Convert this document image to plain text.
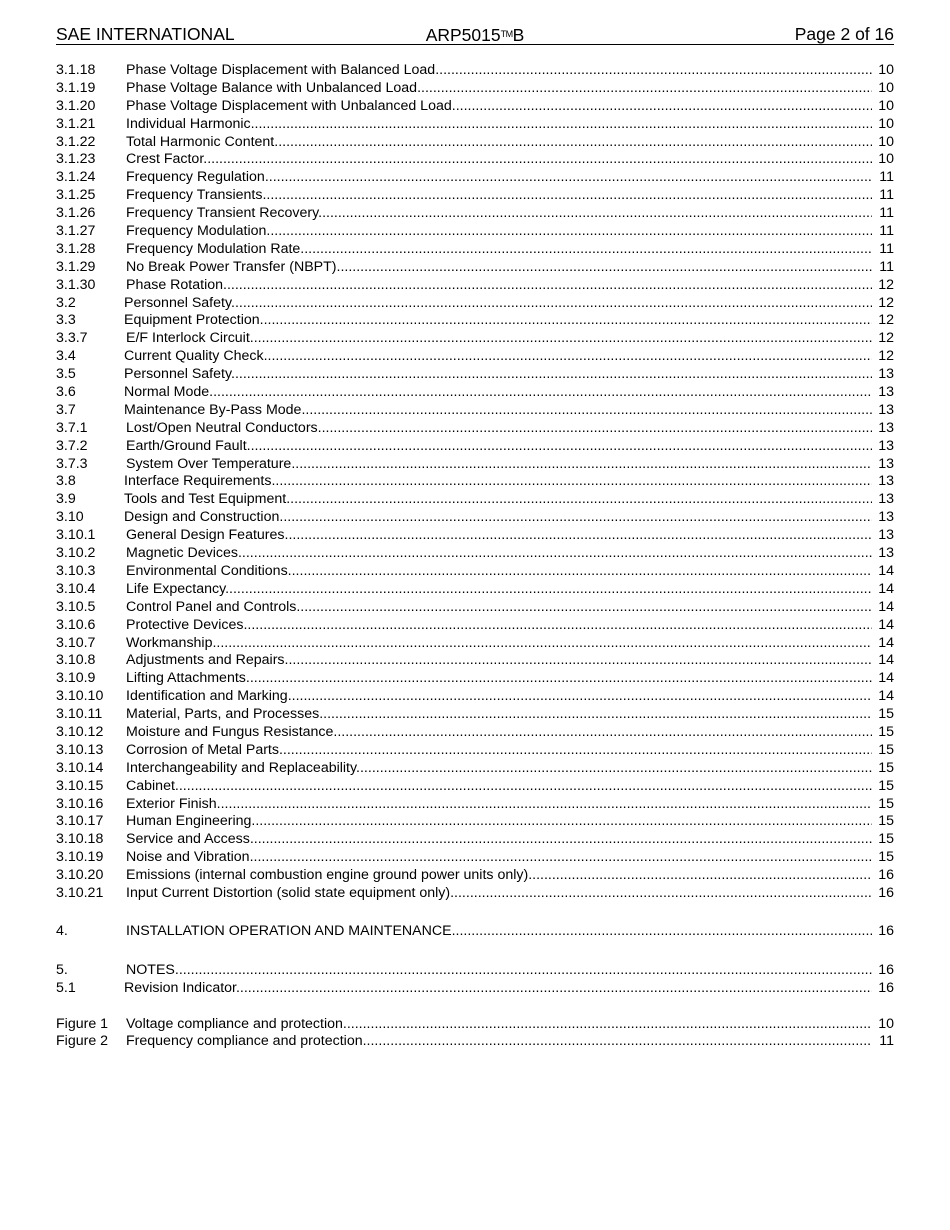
SAE INTERNATIONAL	ARP5015™B	Page 2 of 16
3.1.18 Phase Voltage Displacement with Balanced Load .....	10
3.1.19 Phase Voltage Balance with Unbalanced Load .....	10
3.1.20 Phase Voltage Displacement with Unbalanced Load .....	10
3.1.21 Individual Harmonic .....	10
3.1.22 Total Harmonic Content .....	10
3.1.23 Crest Factor .....	10
3.1.24 Frequency Regulation .....	11
3.1.25 Frequency Transients .....	11
3.1.26 Frequency Transient Recovery .....	11
3.1.27 Frequency Modulation .....	11
3.1.28 Frequency Modulation Rate .....	11
3.1.29 No Break Power Transfer (NBPT) .....	11
3.1.30 Phase Rotation .....	12
3.2	Personnel Safety .....	12
3.3	Equipment Protection .....	12
3.3.7	E/F Interlock Circuit .....	12
3.4	Current Quality Check .....	12
3.5	Personnel Safety .....	13
3.6	Normal Mode .....	13
3.7	Maintenance By-Pass Mode .....	13
3.7.1	Lost/Open Neutral Conductors .....	13
3.7.2	Earth/Ground Fault .....	13
3.7.3	System Over Temperature .....	13
3.8	Interface Requirements .....	13
3.9	Tools and Test Equipment .....	13
3.10	Design and Construction .....	13
3.10.1 General Design Features .....	13
3.10.2 Magnetic Devices .....	13
3.10.3 Environmental Conditions .....	14
3.10.4 Life Expectancy .....	14
3.10.5 Control Panel and Controls .....	14
3.10.6 Protective Devices .....	14
3.10.7 Workmanship .....	14
3.10.8 Adjustments and Repairs .....	14
3.10.9 Lifting Attachments .....	14
3.10.10 Identification and Marking .....	14
3.10.11 Material, Parts, and Processes .....	15
3.10.12 Moisture and Fungus Resistance .....	15
3.10.13 Corrosion of Metal Parts .....	15
3.10.14 Interchangeability and Replaceability .....	15
3.10.15 Cabinet .....	15
3.10.16 Exterior Finish .....	15
3.10.17 Human Engineering .....	15
3.10.18 Service and Access .....	15
3.10.19 Noise and Vibration .....	15
3.10.20 Emissions (internal combustion engine ground power units only) .....	16
3.10.21 Input Current Distortion (solid state equipment only) .....	16
4.	INSTALLATION OPERATION AND MAINTENANCE .....	16
5.	NOTES .....	16
5.1	Revision Indicator .....	16
Figure 1 Voltage compliance and protection .....	10
Figure 2 Frequency compliance and protection .....	11
